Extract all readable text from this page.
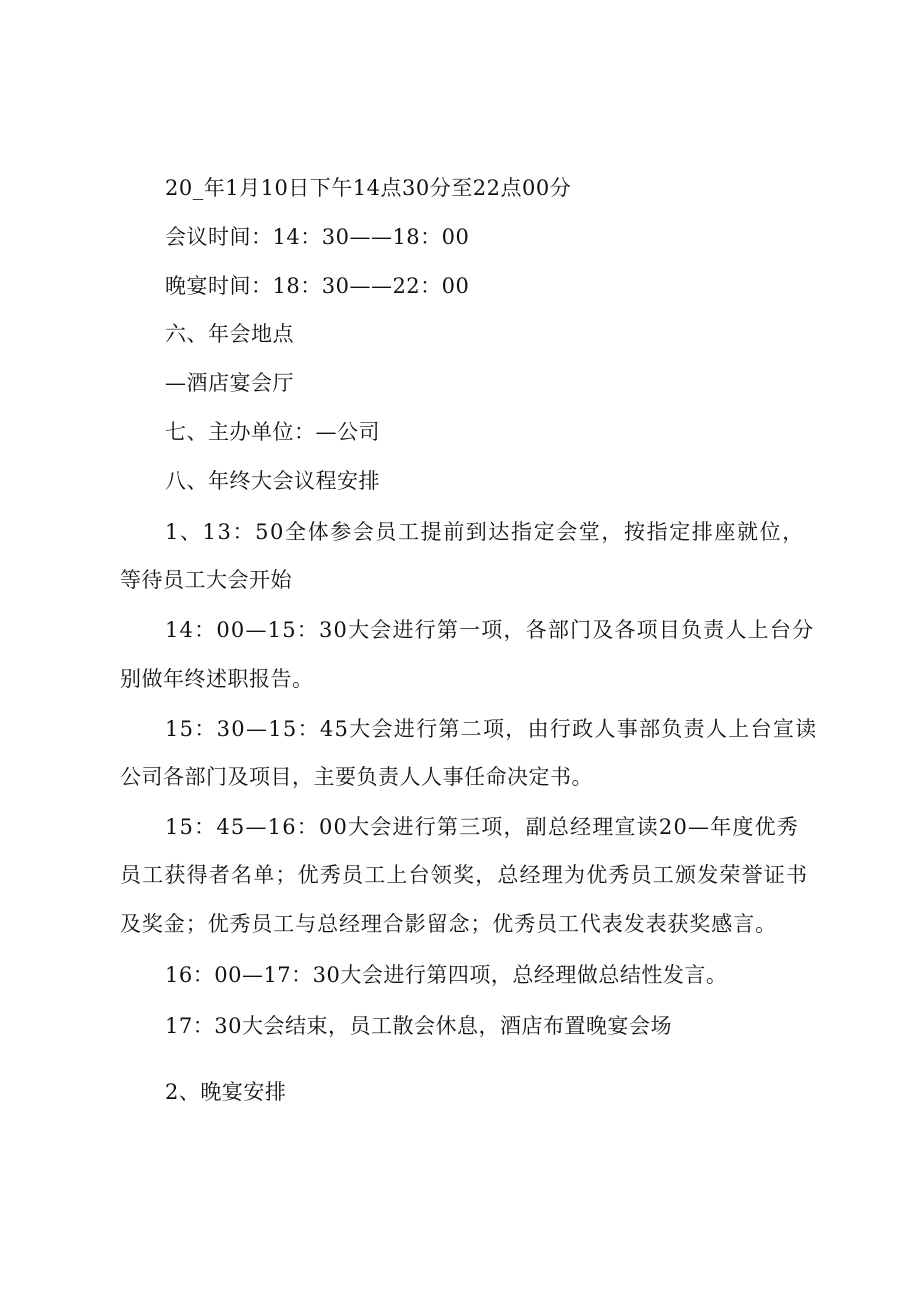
20_年1月10日下午14点30分至22点00分
会议时间：14：30——18：00
晚宴时间：18：30——22：00
六、年会地点
—酒店宴会厅
七、主办单位：—公司
八、年终大会议程安排
1、13：50全体参会员工提前到达指定会堂，按指定排座就位，
等待员工大会开始
14：00—15：30大会进行第一项，各部门及各项目负责人上台分
别做年终述职报告。
15：30—15：45大会进行第二项，由行政人事部负责人上台宣读
公司各部门及项目，主要负责人人事任命决定书。
15：45—16：00大会进行第三项，副总经理宣读20—年度优秀
员工获得者名单；优秀员工上台领奖，总经理为优秀员工颁发荣誉证书
及奖金；优秀员工与总经理合影留念；优秀员工代表发表获奖感言。
16：00—17：30大会进行第四项，总经理做总结性发言。
17：30大会结束，员工散会休息，酒店布置晚宴会场
2、晚宴安排
